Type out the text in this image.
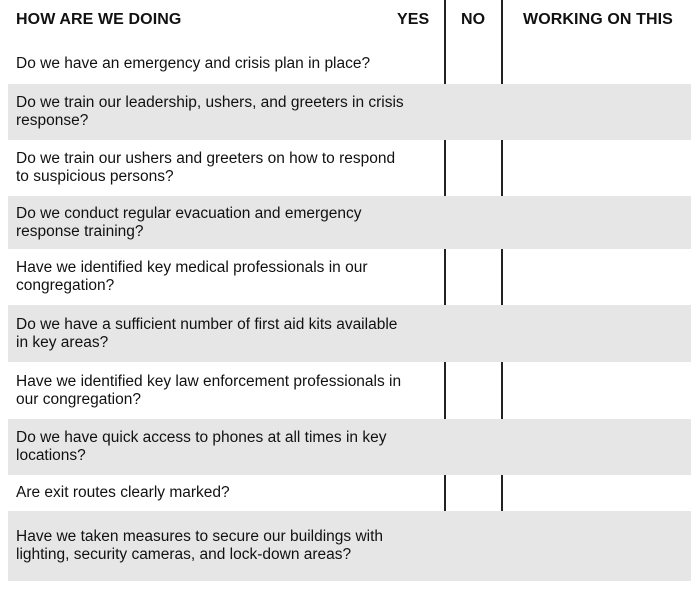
HOW ARE WE DOING	YES NO WORKING ON THIS
Do we have an emergency and crisis plan in place?
Do we train our leadership, ushers, and greeters in crisis response?
Do we train our ushers and greeters on how to respond to suspicious persons?
Do we conduct regular evacuation and emergency response training?
Have we identified key medical professionals in our congregation?
Do we have a sufficient number of first aid kits available in key areas?
Have we identified key law enforcement professionals in our congregation?
Do we have quick access to phones at all times in key locations?
Are exit routes clearly marked?
Have we taken measures to secure our buildings with lighting, security cameras, and lock-down areas?
